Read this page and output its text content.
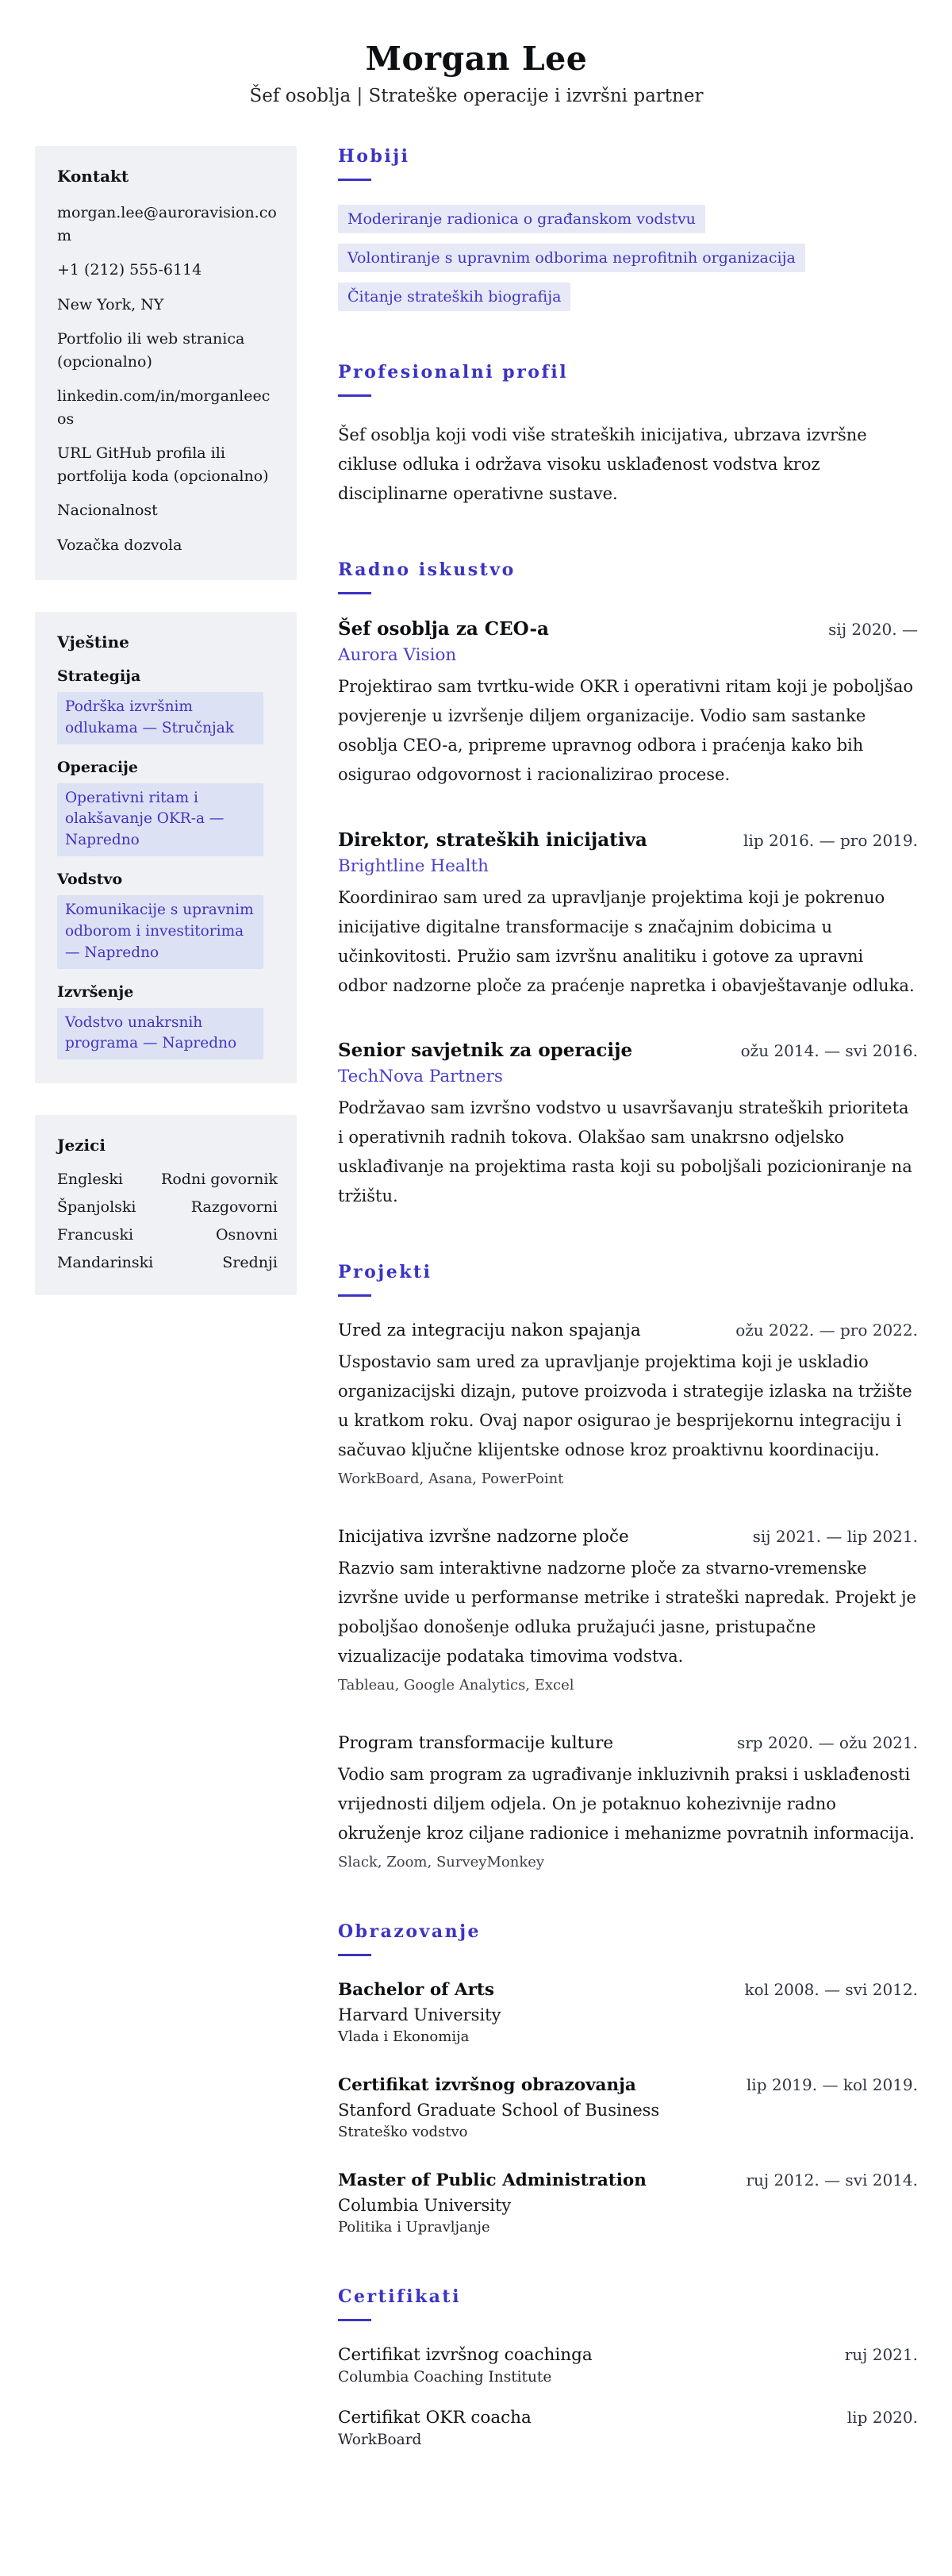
Morgan Lee
Šef osoblja | Strateške operacije i izvršni partner
Kontakt
morgan.lee@auroravision.com
+1 (212) 555-6114
New York, NY
Portfolio ili web stranica (opcionalno)
linkedin.com/in/morganleecos
URL GitHub profila ili portfolija koda (opcionalno)
Nacionalnost
Vozačka dozvola
Vještine
Strategija
Podrška izvršnim odlukama — Stručnjak
Operacije
Operativni ritam i olakšavanje OKR-a — Napredno
Vodstvo
Komunikacije s upravnim odborom i investitorima — Napredno
Izvršenje
Vodstvo unakrsnih programa — Napredno
Jezici
Engleski	Rodni govornik
Španjolski	Razgovorni
Francuski	Osnovni
Mandarinski	Srednji
Hobiji
Moderiranje radionica o građanskom vodstvu
Volontiranje s upravnim odborima neprofitnih organizacija
Čitanje strateških biografija
Profesionalni profil
Šef osoblja koji vodi više strateških inicijativa, ubrzava izvršne cikluse odluka i održava visoku usklađenost vodstva kroz disciplinarne operativne sustave.
Radno iskustvo
Šef osoblja za CEO-a	sij 2020. —
Aurora Vision
Projektirao sam tvrtku-wide OKR i operativni ritam koji je poboljšao povjerenje u izvršenje diljem organizacije. Vodio sam sastanke osoblja CEO-a, pripreme upravnog odbora i praćenja kako bih osigurao odgovornost i racionalizirao procese.
Direktor, strateških inicijativa	lip 2016. — pro 2019.
Brightline Health
Koordinirao sam ured za upravljanje projektima koji je pokrenuo inicijative digitalne transformacije s značajnim dobicima u učinkovitosti. Pružio sam izvršnu analitiku i gotove za upravni odbor nadzorne ploče za praćenje napretka i obavještavanje odluka.
Senior savjetnik za operacije	ožu 2014. — svi 2016.
TechNova Partners
Podržavao sam izvršno vodstvo u usavršavanju strateških prioriteta i operativnih radnih tokova. Olakšao sam unakrsno odjelsko usklađivanje na projektima rasta koji su poboljšali pozicioniranje na tržištu.
Projekti
Ured za integraciju nakon spajanja	ožu 2022. — pro 2022.
Uspostavio sam ured za upravljanje projektima koji je uskladio organizacijski dizajn, putove proizvoda i strategije izlaska na tržište u kratkom roku. Ovaj napor osigurao je besprijekornu integraciju i sačuvao ključne klijentske odnose kroz proaktivnu koordinaciju.
WorkBoard, Asana, PowerPoint
Inicijativa izvršne nadzorne ploče	sij 2021. — lip 2021.
Razvio sam interaktivne nadzorne ploče za stvarno-vremenske izvršne uvide u performanse metrike i strateški napredak. Projekt je poboljšao donošenje odluka pružajući jasne, pristupačne vizualizacije podataka timovima vodstva.
Tableau, Google Analytics, Excel
Program transformacije kulture	srp 2020. — ožu 2021.
Vodio sam program za ugrađivanje inkluzivnih praksi i usklađenosti vrijednosti diljem odjela. On je potaknuo kohezivnije radno okruženje kroz ciljane radionice i mehanizme povratnih informacija.
Slack, Zoom, SurveyMonkey
Obrazovanje
Bachelor of Arts	kol 2008. — svi 2012.
Harvard University
Vlada i Ekonomija
Certifikat izvršnog obrazovanja	lip 2019. — kol 2019.
Stanford Graduate School of Business
Strateško vodstvo
Master of Public Administration	ruj 2012. — svi 2014.
Columbia University
Politika i Upravljanje
Certifikati
Certifikat izvršnog coachinga	ruj 2021.
Columbia Coaching Institute
Certifikat OKR coacha	lip 2020.
WorkBoard
